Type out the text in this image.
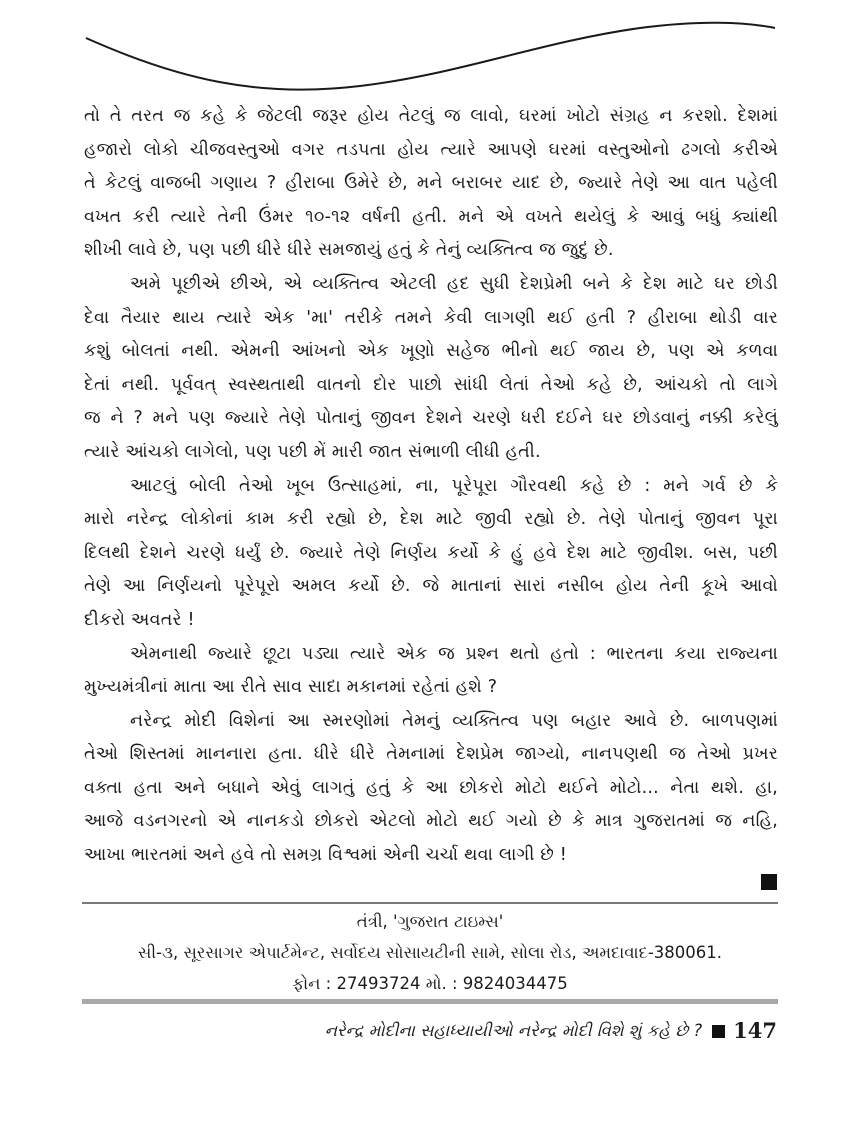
તો તે તરત જ કહે કે જેટલી જરૂર હોય તેટલું જ લાવો, ઘરમાં ખોટો સંગ્રહ ન કરશો. દેશમાં
હજારો લોકો ચીજવસ્તુઓ વગર તડપતા હોય ત્યારે આપણે ઘરમાં વસ્તુઓનો ઢગલો કરીએ
તે કેટલું વાજબી ગણાય ? હીરાબા ઉમેરે છે, મને બરાબર યાદ છે, જ્યારે તેણે આ વાત પહેલી
વખત કરી ત્યારે તેની ઉંમર ૧૦-૧૨ વર્ષની હતી. મને એ વખતે થયેલું કે આવું બધું ક્યાંથી
શીખી લાવે છે, પણ પછી ધીરે ધીરે સમજાયું હતું કે તેનું વ્યક્તિત્વ જ જુદું છે.
અમે પૂછીએ છીએ, એ વ્યક્તિત્વ એટલી હદ સુધી દેશપ્રેમી બને કે દેશ માટે ઘર છોડી
દેવા તૈયાર થાય ત્યારે એક 'મા' તરીકે તમને કેવી લાગણી થઈ હતી ? હીરાબા થોડી વાર
કશું બોલતાં નથી. એમની આંખનો એક ખૂણો સહેજ ભીનો થઈ જાય છે, પણ એ કળવા
દેતાં નથી. પૂર્વવત્ સ્વસ્થતાથી વાતનો દોર પાછો સાંધી લેતાં તેઓ કહે છે, આંચકો તો લાગે
જ ને ? મને પણ જ્યારે તેણે પોતાનું જીવન દેશને ચરણે ધરી દઈને ઘર છોડવાનું નક્કી કરેલું
ત્યારે આંચકો લાગેલો, પણ પછી મેં મારી જાત સંભાળી લીધી હતી.
આટલું બોલી તેઓ ખૂબ ઉત્સાહમાં, ના, પૂરેપૂરા ગૌરવથી કહે છે : મને ગર્વ છે કે
મારો નરેન્દ્ર લોકોનાં કામ કરી રહ્યો છે, દેશ માટે જીવી રહ્યો છે. તેણે પોતાનું જીવન પૂરા
દિલથી દેશને ચરણે ધર્યું છે. જ્યારે તેણે નિર્ણય કર્યો કે હું હવે દેશ માટે જીવીશ. બસ, પછી
તેણે આ નિર્ણયનો પૂરેપૂરો અમલ કર્યો છે. જે માતાનાં સારાં નસીબ હોય તેની કૂખે આવો
દીકરો અવતરે !
એમનાથી જ્યારે છૂટા પડ્યા ત્યારે એક જ પ્રશ્ન થતો હતો : ભારતના કયા રાજ્યના
મુખ્યમંત્રીનાં માતા આ રીતે સાવ સાદા મકાનમાં રહેતાં હશે ?
નરેન્દ્ર મોદી વિશેનાં આ સ્મરણોમાં તેમનું વ્યક્તિત્વ પણ બહાર આવે છે. બાળપણમાં
તેઓ શિસ્તમાં માનનારા હતા. ધીરે ધીરે તેમનામાં દેશપ્રેમ જાગ્યો, નાનપણથી જ તેઓ પ્રખર
વક્તા હતા અને બધાને એવું લાગતું હતું કે આ છોકરો મોટો થઈને મોટો... નેતા થશે. હા,
આજે વડનગરનો એ નાનકડો છોકરો એટલો મોટો થઈ ગયો છે કે માત્ર ગુજરાતમાં જ નહિ,
આખા ભારતમાં અને હવે તો સમગ્ર વિશ્વમાં એની ચર્ચા થવા લાગી છે !
તંત્રી, 'ગુજરાત ટાઇમ્સ'
સી-૩, સૂરસાગર એપાર્ટમેન્ટ, સર્વોદય સોસાયટીની સામે, સોલા રોડ, અમદાવાદ-380061.
ફોન : 27493724 મો. : 9824034475
નરેન્દ્ર મોદીના સહાધ્યાયીઓ નરેન્દ્ર મોદી વિશે શું કહે છે ? 147
